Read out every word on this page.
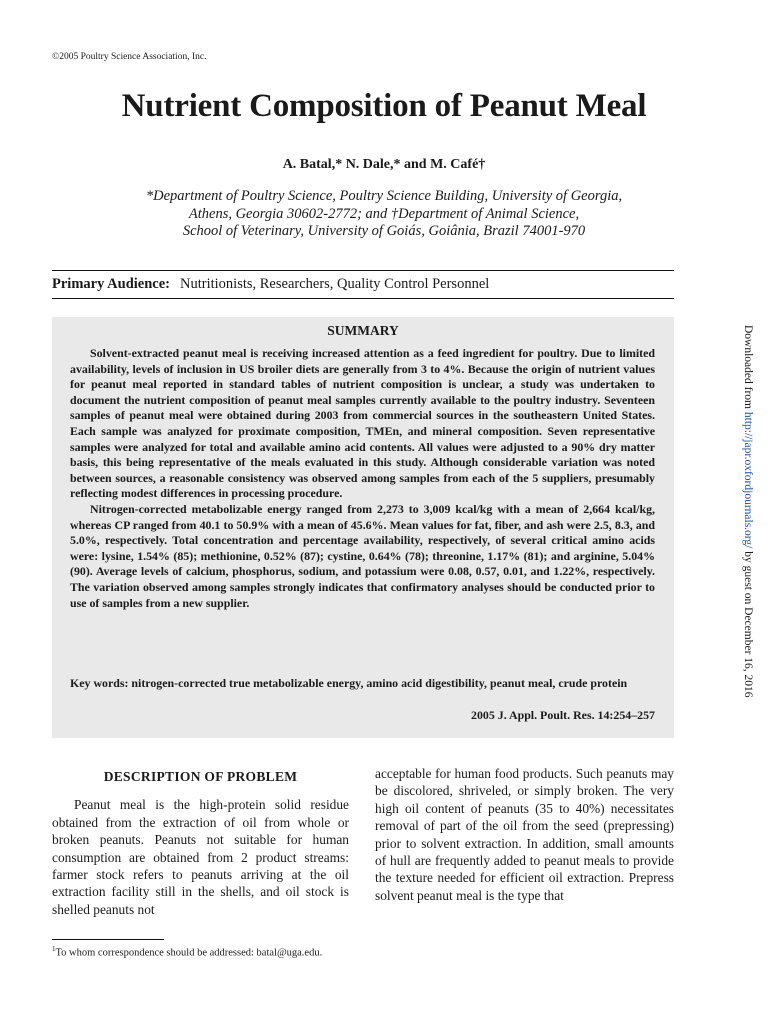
©2005 Poultry Science Association, Inc.
Nutrient Composition of Peanut Meal
A. Batal,* N. Dale,* and M. Café†
*Department of Poultry Science, Poultry Science Building, University of Georgia,
Athens, Georgia 30602-2772; and †Department of Animal Science,
School of Veterinary, University of Goiás, Goiânia, Brazil 74001-970
Primary Audience: Nutritionists, Researchers, Quality Control Personnel
SUMMARY

Solvent-extracted peanut meal is receiving increased attention as a feed ingredient for poultry. Due to limited availability, levels of inclusion in US broiler diets are generally from 3 to 4%. Because the origin of nutrient values for peanut meal reported in standard tables of nutrient composition is unclear, a study was undertaken to document the nutrient composition of peanut meal samples currently available to the poultry industry. Seventeen samples of peanut meal were obtained during 2003 from commercial sources in the southeastern United States. Each sample was analyzed for proximate composition, TMEn, and mineral composition. Seven representative samples were analyzed for total and available amino acid contents. All values were adjusted to a 90% dry matter basis, this being representative of the meals evaluated in this study. Although considerable variation was noted between sources, a reasonable consistency was observed among samples from each of the 5 suppliers, presumably reflecting modest differences in processing procedure.

Nitrogen-corrected metabolizable energy ranged from 2,273 to 3,009 kcal/kg with a mean of 2,664 kcal/kg, whereas CP ranged from 40.1 to 50.9% with a mean of 45.6%. Mean values for fat, fiber, and ash were 2.5, 8.3, and 5.0%, respectively. Total concentration and percentage availability, respectively, of several critical amino acids were: lysine, 1.54% (85); methionine, 0.52% (87); cystine, 0.64% (78); threonine, 1.17% (81); and arginine, 5.04% (90). Average levels of calcium, phosphorus, sodium, and potassium were 0.08, 0.57, 0.01, and 1.22%, respectively. The variation observed among samples strongly indicates that confirmatory analyses should be conducted prior to use of samples from a new supplier.

Key words: nitrogen-corrected true metabolizable energy, amino acid digestibility, peanut meal, crude protein
2005 J. Appl. Poult. Res. 14:254–257
DESCRIPTION OF PROBLEM

Peanut meal is the high-protein solid residue obtained from the extraction of oil from whole or broken peanuts. Peanuts not suitable for human consumption are obtained from 2 product streams: farmer stock refers to peanuts arriving at the oil extraction facility still in the shells, and oil stock is shelled peanuts not

acceptable for human food products. Such peanuts may be discolored, shriveled, or simply broken. The very high oil content of peanuts (35 to 40%) necessitates removal of part of the oil from the seed (prepressing) prior to solvent extraction. In addition, small amounts of hull are frequently added to peanut meals to provide the texture needed for efficient oil extraction. Prepress solvent peanut meal is the type that

$^1$To whom correspondence should be addressed: batal@uga.edu.
Downloaded from http://japr.oxfordjournals.org/ by guest on December 16, 2016
